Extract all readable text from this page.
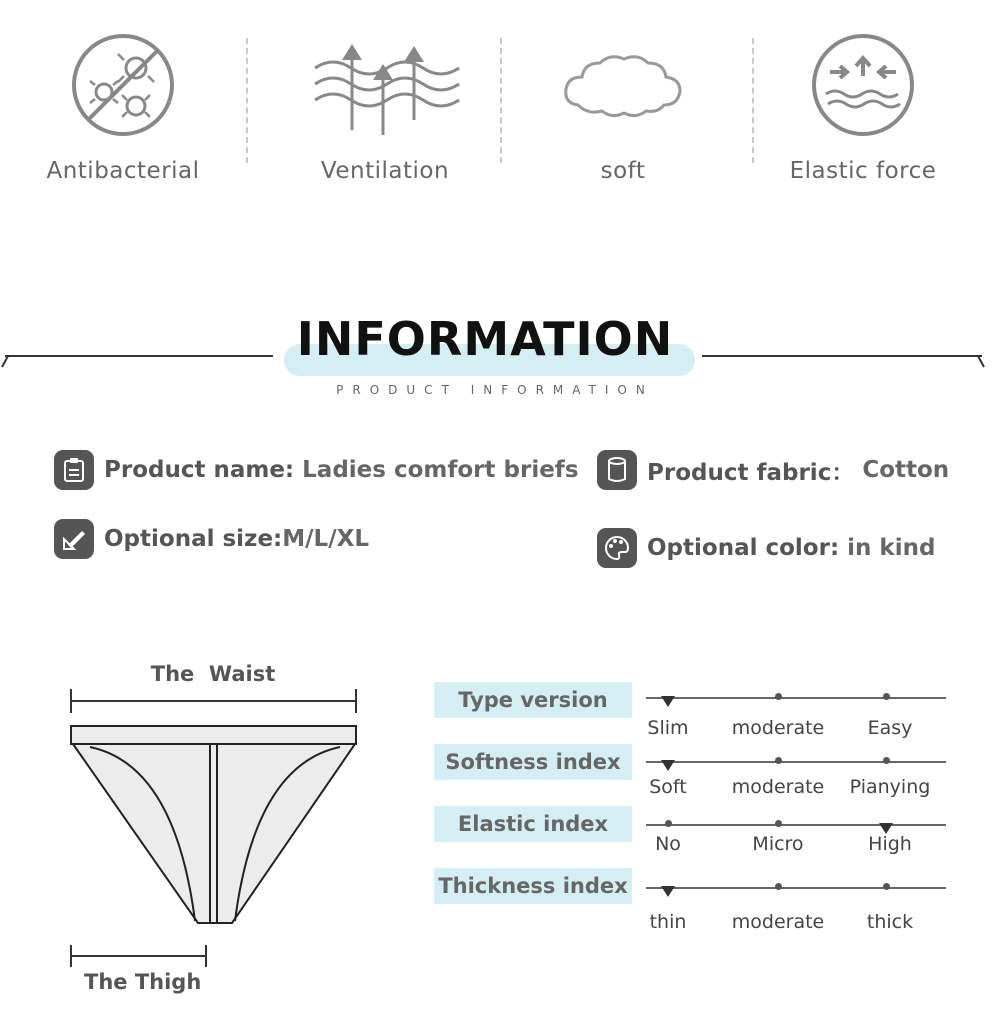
Antibacterial	Ventilation	soft	Elastic force
INFORMATION
PRODUCT INFORMATION
Product name: Ladies comfort briefs	Product fabric： Cotton
Optional size: M/L/XL	Optional color: in kind
The  Waist
The Thigh
Type version
Slim	moderate	Easy
Softness index
Soft	moderate	Pianying
Elastic index
No	Micro	High
Thickness index
thin	moderate	thick
